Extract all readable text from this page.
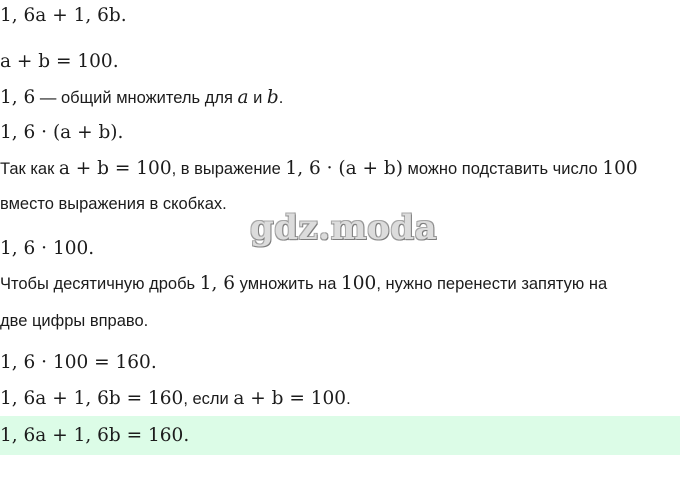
1, 6a + 1, 6b.
a + b = 100.
1, 6 — общий множитель для a и b.
1, 6 · (a + b).
Так как a + b = 100, в выражение 1, 6 · (a + b) можно подставить число 100
вместо выражения в скобках.
gdz.moda
1, 6 · 100.
Чтобы десятичную дробь 1, 6 умножить на 100, нужно перенести запятую на
две цифры вправо.
1, 6 · 100 = 160.
1, 6a + 1, 6b = 160, если a + b = 100.
1, 6a + 1, 6b = 160.
